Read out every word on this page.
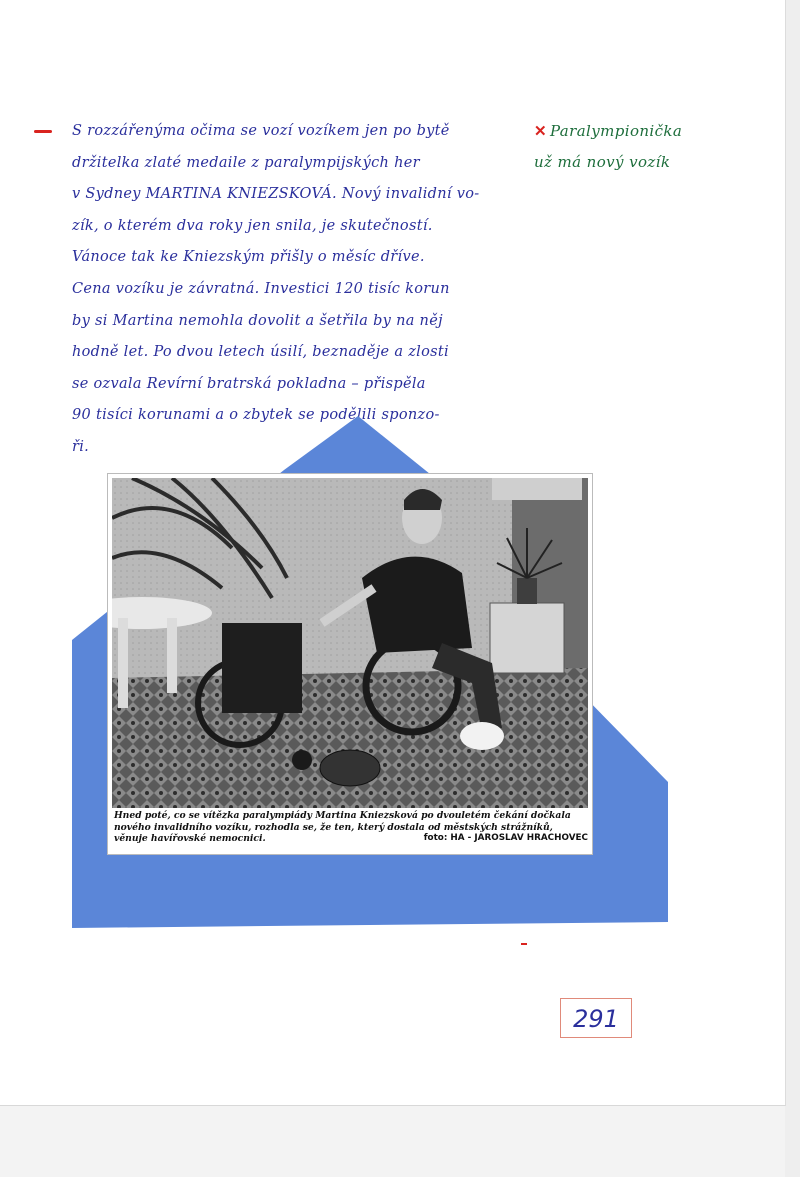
S rozzářenýma očima se vozí vozíkem jen po bytě
držitelka zlaté medaile z paralympijských her
v Sydney MARTINA KNIEZSKOVÁ. Nový invalidní vo-
zík, o kterém dva roky jen snila, je skutečností.
Vánoce tak ke Kniezským přišly o měsíc dříve.
Cena vozíku je závratná. Investici 120 tisíc korun
by si Martina nemohla dovolit a šetřila by na něj
hodně let. Po dvou letech úsilí, beznaděje a zlosti
se ozvala Revírní bratrská pokladna – přispěla
90 tisíci korunami a o zbytek se podělili sponzo-
ři.
✕ Paralympionička
už má nový vozík
Hned poté, co se vítězka paralympiády Martina Kniezsková po dvouletém čekání dočkala nového invalidního vozíku, rozhodla se, že ten, který dostala od městských strážníků, věnuje havířovské nemocnici.	foto: HA - JAROSLAV HRACHOVEC
291
